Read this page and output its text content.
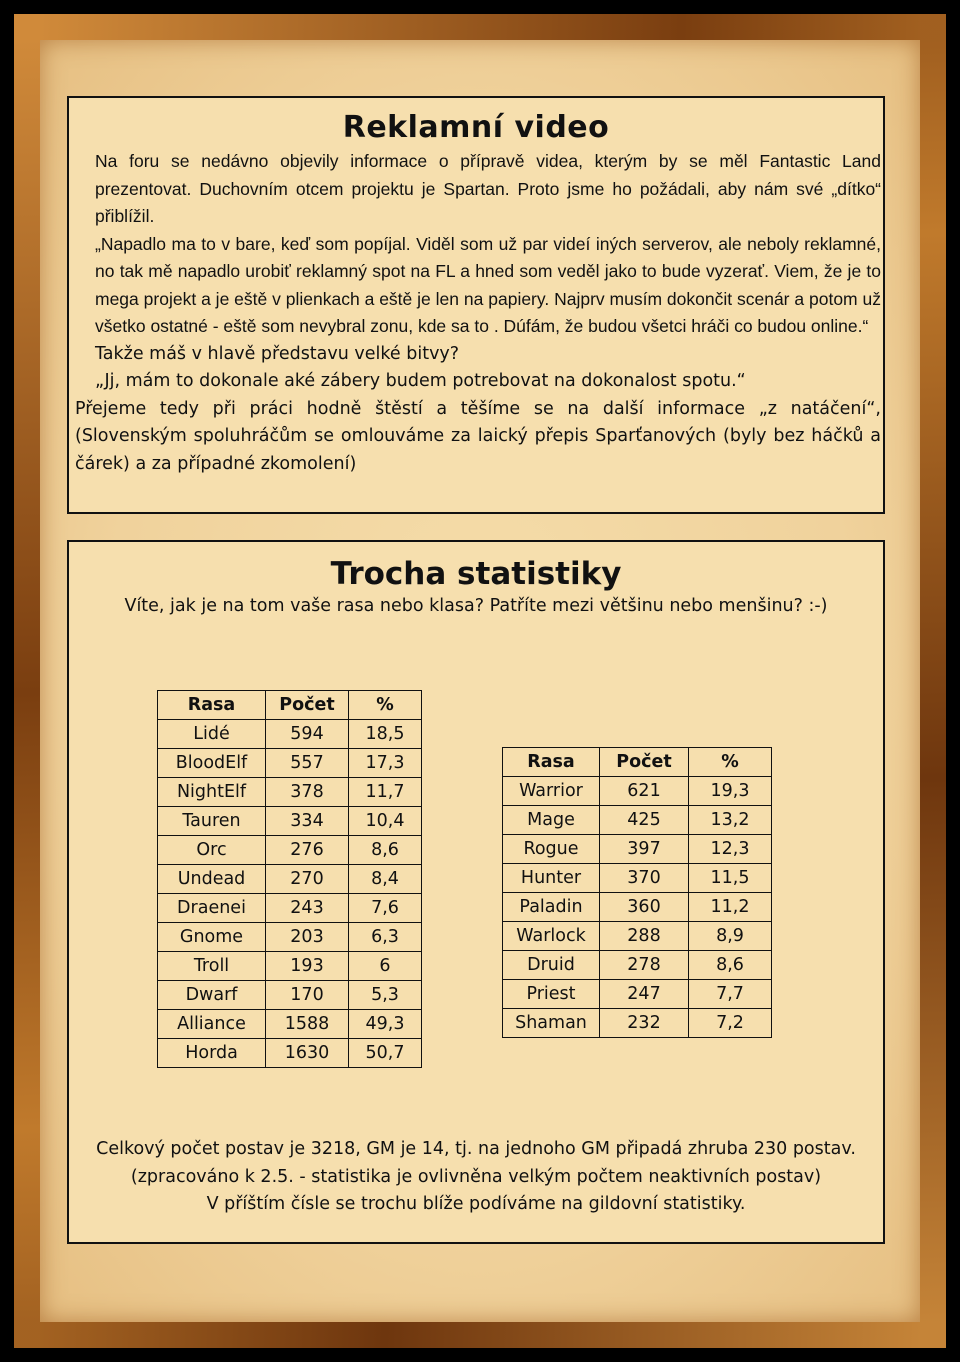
Reklamní video

Na foru se nedávno objevily informace o přípravě videa, kterým by se měl Fantastic Land prezentovat. Duchovním otcem projektu je Spartan. Proto jsme ho požádali, aby nám své „dítko“ přiblížil.

„Napadlo ma to v bare, keď som popíjal. Viděl som už par videí iných serverov, ale neboly reklamné, no tak mě napadlo urobiť reklamný spot na FL a hned som veděl jako to bude vyzerať. Viem, že je to mega projekt a je eště v plienkach a eště je len na papiery. Najprv musím dokončit scenár a potom už všetko ostatné - eště som nevybral zonu, kde sa to . Dúfám, že budou všetci hráči co budou online.“

Takže máš v hlavě představu velké bitvy?

„Jj, mám to dokonale aké zábery budem potrebovat na dokonalost spotu.“

Přejeme tedy při práci hodně štěstí a těšíme se na další informace „z natáčení“, (Slovenským spoluhráčům se omlouváme za laický přepis Sparťanových (byly bez háčků a čárek) a za případné zkomolení)

Trocha statistiky
Víte, jak je na tom vaše rasa nebo klasa? Patříte mezi většinu nebo menšinu? :-)
Rasa	Počet	%
Lidé	594	18,5
BloodElf	557	17,3
NightElf	378	11,7
Tauren	334	10,4
Orc	276	8,6
Undead	270	8,4
Draenei	243	7,6
Gnome	203	6,3
Troll	193	6
Dwarf	170	5,3
Alliance	1588	49,3
Horda	1630	50,7
Rasa	Počet	%
Warrior	621	19,3
Mage	425	13,2
Rogue	397	12,3
Hunter	370	11,5
Paladin	360	11,2
Warlock	288	8,9
Druid	278	8,6
Priest	247	7,7
Shaman	232	7,2
Celkový počet postav je 3218, GM je 14, tj. na jednoho GM připadá zhruba 230 postav.
(zpracováno k 2.5. - statistika je ovlivněna velkým počtem neaktivních postav)
V příštím čísle se trochu blíže podíváme na gildovní statistiky.
